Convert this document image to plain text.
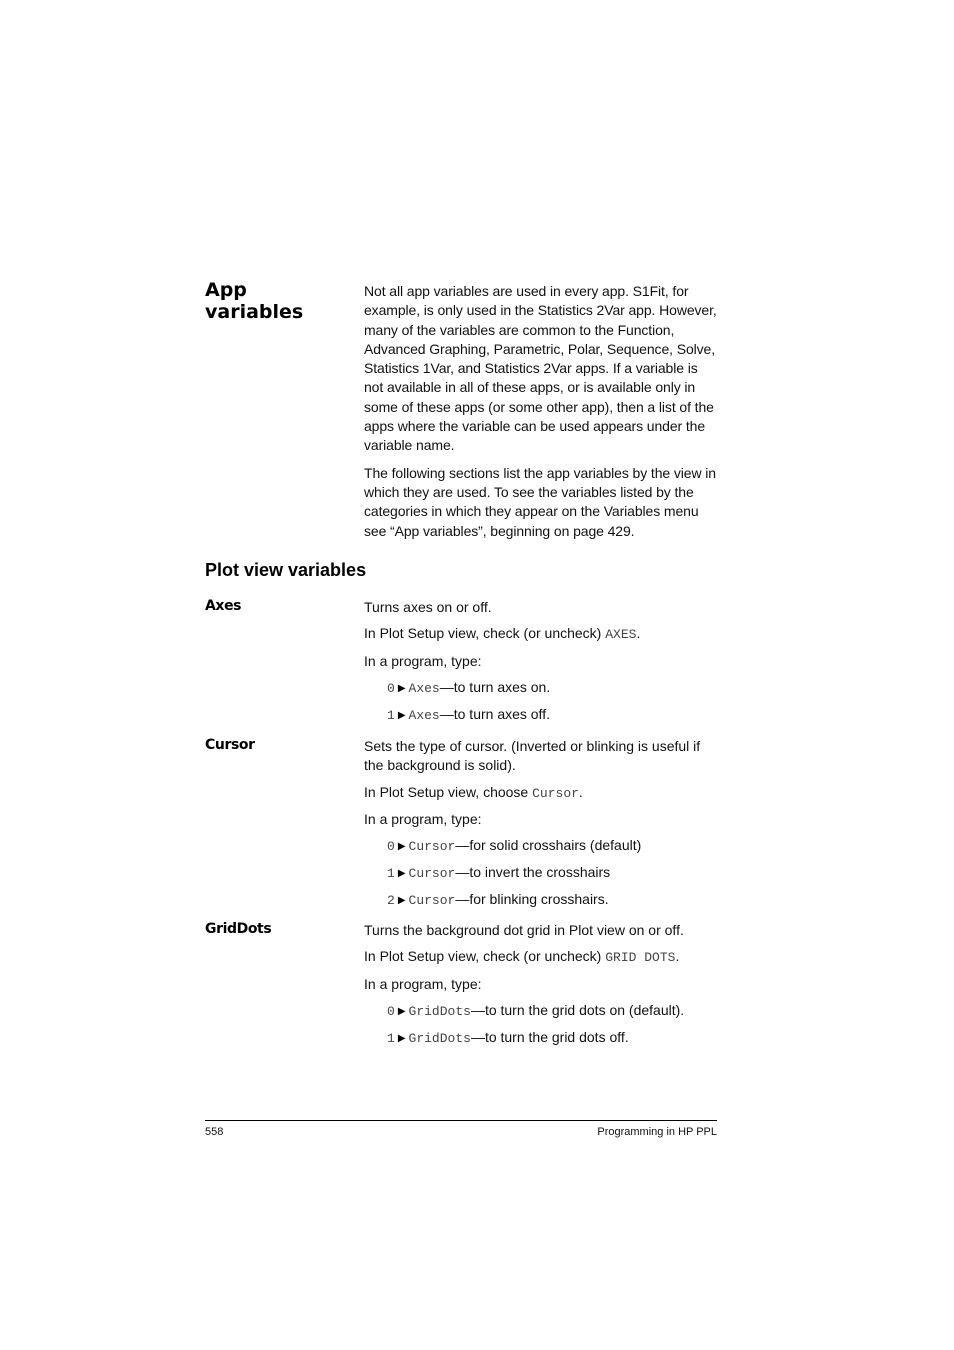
App
variables

Not all app variables are used in every app. S1Fit, for example, is only used in the Statistics 2Var app. However, many of the variables are common to the Function, Advanced Graphing, Parametric, Polar, Sequence, Solve, Statistics 1Var, and Statistics 2Var apps. If a variable is not available in all of these apps, or is available only in some of these apps (or some other app), then a list of the apps where the variable can be used appears under the variable name.

The following sections list the app variables by the view in which they are used. To see the variables listed by the categories in which they appear on the Variables menu see “App variables”, beginning on page 429.

Plot view variables
Axes	Turns axes on or off.
In Plot Setup view, check (or uncheck) AXES.
In a program, type:
0 ▶ Axes—to turn axes on.
1 ▶ Axes—to turn axes off.
Cursor	Sets the type of cursor. (Inverted or blinking is useful if the background is solid).
In Plot Setup view, choose Cursor.
In a program, type:
0 ▶ Cursor—for solid crosshairs (default)
1 ▶ Cursor—to invert the crosshairs
2 ▶ Cursor—for blinking crosshairs.
GridDots	Turns the background dot grid in Plot view on or off.
In Plot Setup view, check (or uncheck) GRID DOTS.
In a program, type:
0 ▶ GridDots—to turn the grid dots on (default).
1 ▶ GridDots—to turn the grid dots off.
558	Programming in HP PPL
